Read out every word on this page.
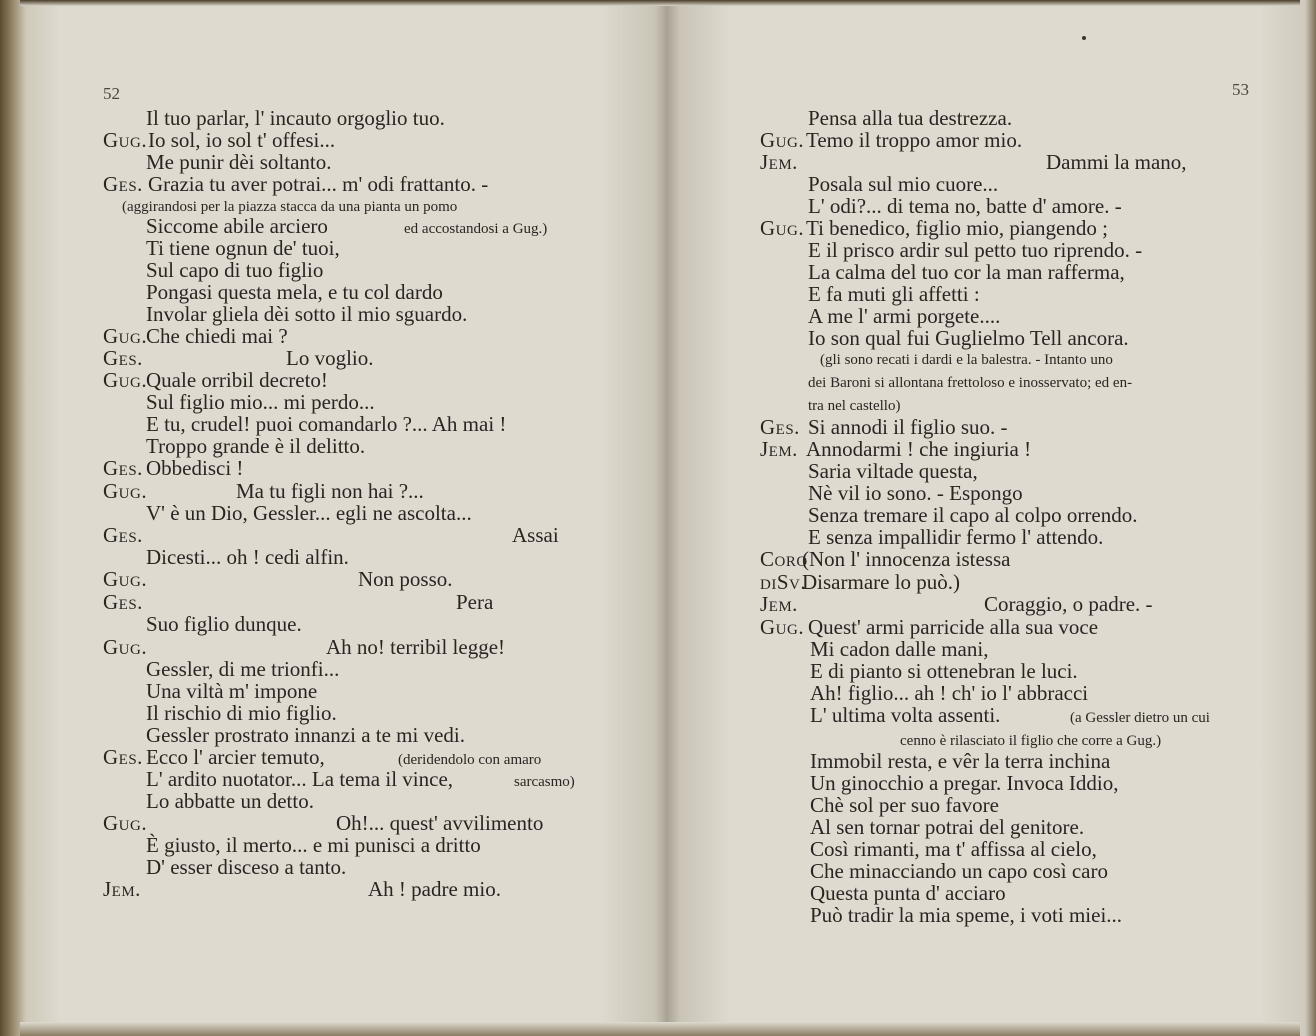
52
Il tuo parlar, l' incauto orgoglio tuo.
Gug. Io sol, io sol t' offesi...
Me punir dèi soltanto.
Ges. Grazia tu aver potrai... m' odi frattanto. -
(aggirandosi per la piazza stacca da una pianta un pomo
Siccome abile arciero	ed accostandosi a Gug.)
Ti tiene ognun de' tuoi,
Sul capo di tuo figlio
Pongasi questa mela, e tu col dardo
Involar gliela dèi sotto il mio sguardo.
Gug.
Che chiedi mai ?
Ges.	Lo voglio.
Gug.
Quale orribil decreto!
Sul figlio mio... mi perdo...
E tu, crudel! puoi comandarlo ?... Ah mai !
Troppo grande è il delitto.
Ges. Obbedisci !
Gug.	Ma tu figli non hai ?...
V' è un Dio, Gessler... egli ne ascolta...
Ges.	Assai
Dicesti... oh ! cedi alfin.
Gug.	Non posso.
Ges.	Pera
Suo figlio dunque.
Gug.	Ah no! terribil legge!
Gessler, di me trionfi...
Una viltà m' impone
Il rischio di mio figlio.
Gessler prostrato innanzi a te mi vedi.
Ges. Ecco l' arcier temuto,	(deridendolo con amaro
L' ardito nuotator... La tema il vince,	sarcasmo)
Lo abbatte un detto.
Gug.	Oh!... quest' avvilimento
È giusto, il merto... e mi punisci a dritto
D' esser disceso a tanto.
Jem.	Ah ! padre mio.
53
Pensa alla tua destrezza.
Gug. Temo il troppo amor mio.
Jem.	Dammi la mano,
Posala sul mio cuore...
L' odi?... di tema no, batte d' amore. -
Gug. Ti benedico, figlio mio, piangendo ;
E il prisco ardir sul petto tuo riprendo. -
La calma del tuo cor la man rafferma,
E fa muti gli affetti :
A me l' armi porgete....
Io son qual fui Guglielmo Tell ancora.
(gli sono recati i dardi e la balestra. - Intanto uno
dei Baroni si allontana frettoloso e inosservato; ed en-
tra nel castello)
Ges. Si annodi il figlio suo. -
Jem. Annodarmi ! che ingiuria !
Saria viltade questa,
Nè vil io sono. - Espongo
Senza tremare il capo al colpo orrendo.
E senza impallidir fermo l' attendo.
Coro
(Non l' innocenza istessa
diSv.
Disarmare lo può.)
Jem.	Coraggio, o padre. -
Gug. Quest' armi parricide alla sua voce
Mi cadon dalle mani,
E di pianto si ottenebran le luci.
Ah! figlio... ah ! ch' io l' abbracci
L' ultima volta assenti.	(a Gessler dietro un cui
cenno è rilasciato il figlio che corre a Gug.)
Immobil resta, e vêr la terra inchina
Un ginocchio a pregar. Invoca Iddio,
Chè sol per suo favore
Al sen tornar potrai del genitore.
Così rimanti, ma t' affissa al cielo,
Che minacciando un capo così caro
Questa punta d' acciaro
Può tradir la mia speme, i voti miei...
